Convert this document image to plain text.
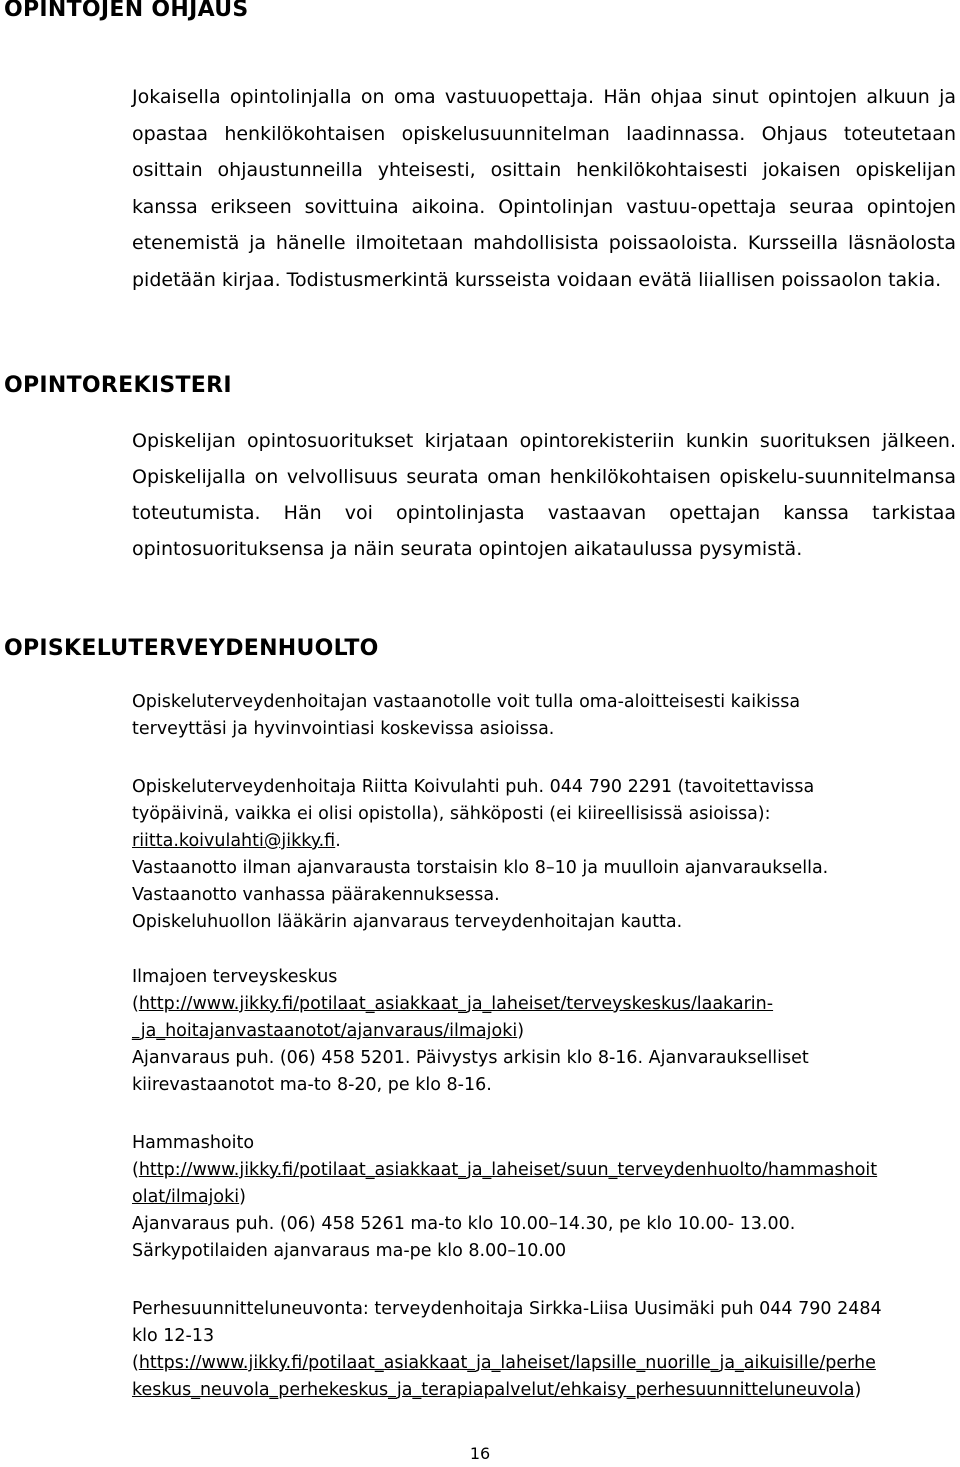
OPINTOJEN OHJAUS

Jokaisella opintolinjalla on oma vastuuopettaja. Hän ohjaa sinut opintojen alkuun ja opastaa henkilökohtaisen opiskelusuunnitelman laadinnassa. Ohjaus toteutetaan osittain ohjaustunneilla yhteisesti, osittain henkilökohtaisesti jokaisen opiskelijan kanssa erikseen sovittuina aikoina. Opintolinjan vastuu-opettaja seuraa opintojen etenemistä ja hänelle ilmoitetaan mahdollisista poissaoloista. Kursseilla läsnäolosta pidetään kirjaa. Todistusmerkintä kursseista voidaan evätä liiallisen poissaolon takia.

OPINTOREKISTERI

Opiskelijan opintosuoritukset kirjataan opintorekisteriin kunkin suorituksen jälkeen. Opiskelijalla on velvollisuus seurata oman henkilökohtaisen opiskelu-suunnitelmansa toteutumista. Hän voi opintolinjasta vastaavan opettajan kanssa tarkistaa opintosuorituksensa ja näin seurata opintojen aikataulussa pysymistä.

OPISKELUTERVEYDENHUOLTO
Opiskeluterveydenhoitajan vastaanotolle voit tulla oma-aloitteisesti kaikissa
terveyttäsi ja hyvinvointiasi koskevissa asioissa.
Opiskeluterveydenhoitaja Riitta Koivulahti puh. 044 790 2291 (tavoitettavissa
työpäivinä, vaikka ei olisi opistolla), sähköposti (ei kiireellisissä asioissa):
riitta.koivulahti@jikky.fi.
Vastaanotto ilman ajanvarausta torstaisin klo 8–10 ja muulloin ajanvarauksella.
Vastaanotto vanhassa päärakennuksessa.
Opiskeluhuollon lääkärin ajanvaraus terveydenhoitajan kautta.
Ilmajoen terveyskeskus
(http://www.jikky.fi/potilaat_asiakkaat_ja_laheiset/terveyskeskus/laakarin-
_ja_hoitajanvastaanotot/ajanvaraus/ilmajoki)
Ajanvaraus puh. (06) 458 5201. Päivystys arkisin klo 8-16. Ajanvaraukselliset
kiirevastaanotot ma-to 8-20, pe klo 8-16.
Hammashoito
(http://www.jikky.fi/potilaat_asiakkaat_ja_laheiset/suun_terveydenhuolto/hammashoit
olat/ilmajoki)
Ajanvaraus puh. (06) 458 5261 ma-to klo 10.00–14.30, pe klo 10.00- 13.00.
Särkypotilaiden ajanvaraus ma-pe klo 8.00–10.00
Perhesuunnitteluneuvonta: terveydenhoitaja Sirkka-Liisa Uusimäki puh 044 790 2484
klo 12-13
(https://www.jikky.fi/potilaat_asiakkaat_ja_laheiset/lapsille_nuorille_ja_aikuisille/perhe
keskus_neuvola_perhekeskus_ja_terapiapalvelut/ehkaisy_perhesuunnitteluneuvola)
16
